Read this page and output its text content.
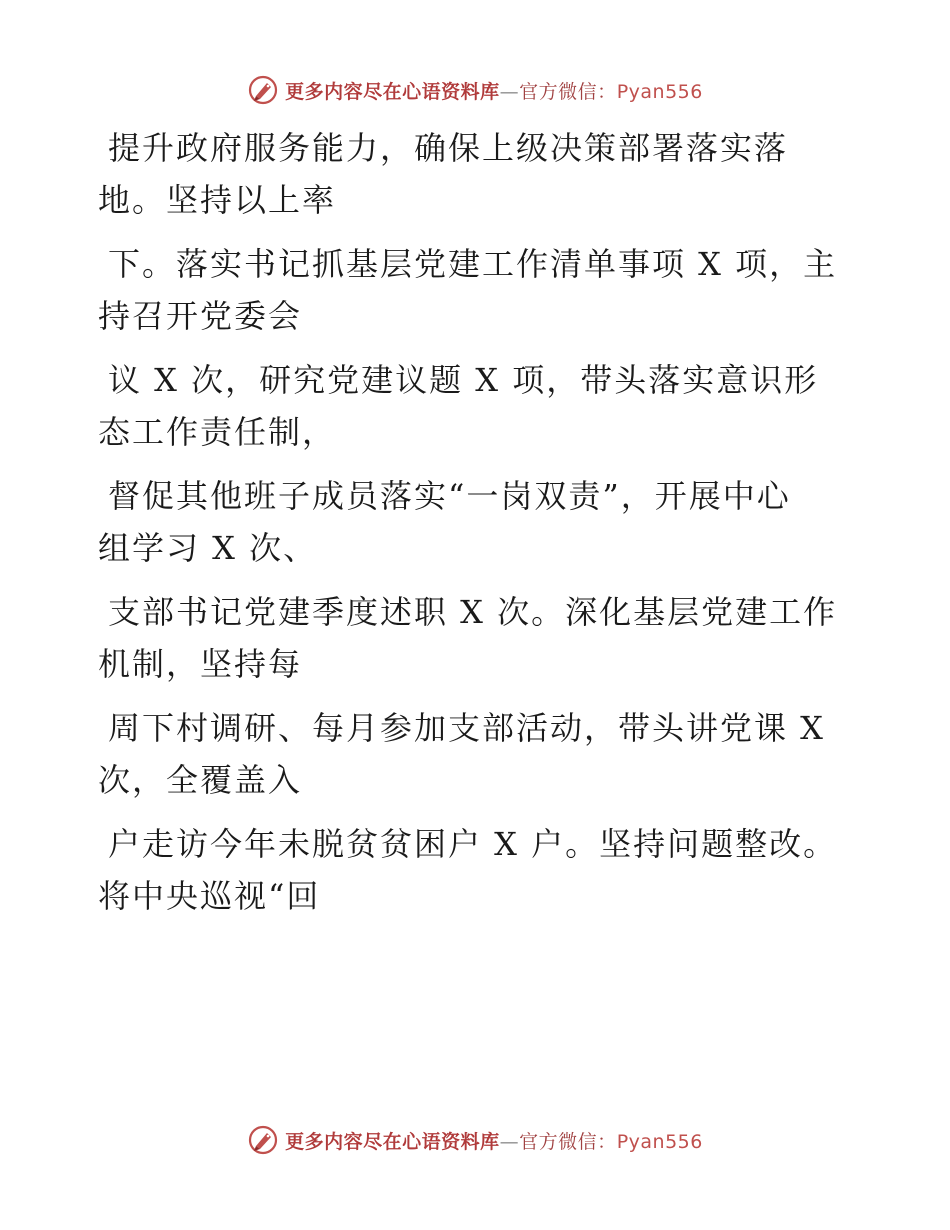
更多内容尽在心语资料库—官方微信：Pyan556

提升政府服务能力，确保上级决策部署落实落
地。坚持以上率

下。落实书记抓基层党建工作清单事项 X 项，主
持召开党委会

议 X 次，研究党建议题 X 项，带头落实意识形
态工作责任制，

督促其他班子成员落实“一岗双责”，开展中心
组学习 X 次、

支部书记党建季度述职 X 次。深化基层党建工作
机制，坚持每

周下村调研、每月参加支部活动，带头讲党课 X
次，全覆盖入

户走访今年未脱贫贫困户 X 户。坚持问题整改。
将中央巡视“回

更多内容尽在心语资料库—官方微信：Pyan556
